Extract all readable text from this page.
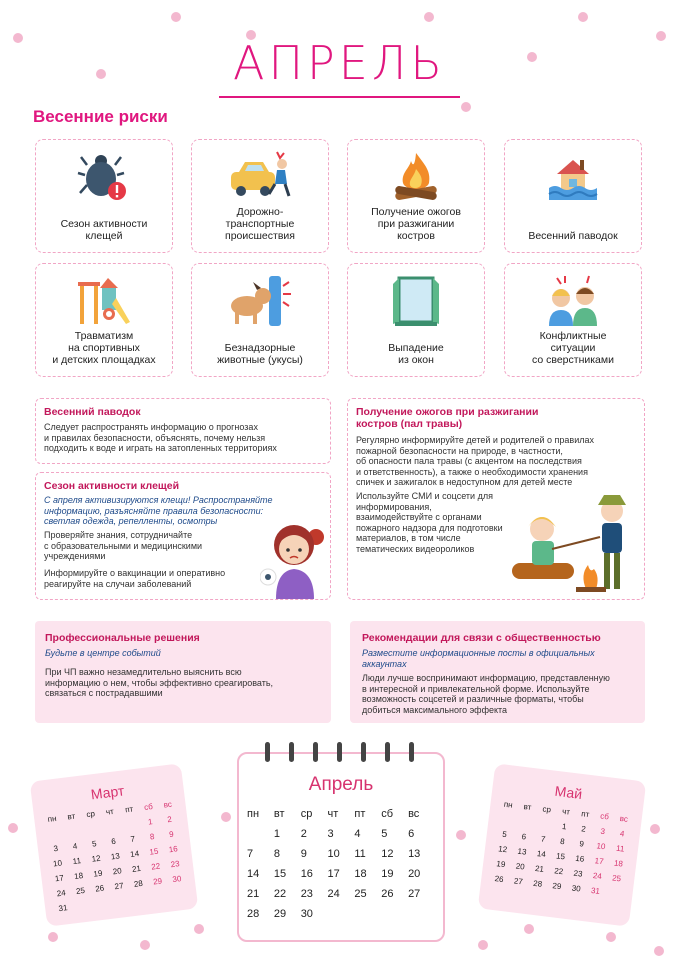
АПРЕЛЬ
Весенние риски
Сезон активности
клещей
Дорожно-
транспортные
происшествия
Получение ожогов
при разжигании
костров	Весенний паводок
Травматизм
на спортивных
и детских площадках
Безнадзорные
животные (укусы)
Выпадение
из окон
Конфликтные
ситуации
со сверстниками
Весенний паводок
Следует распространять информацию о прогнозах
и правилах безопасности, объяснять, почему нельзя
подходить к воде и играть на затопленных территориях
Сезон активности клещей
С апреля активизируются клещи! Распространяйте
информацию, разъясняйте правила безопасности:
светлая одежда, репелленты, осмотры
Проверяйте знания, сотрудничайте
с образовательными и медицинскими
учреждениями
Информируйте о вакцинации и оперативно
реагируйте на случаи заболеваний
Получение ожогов при разжигании
костров (пал травы)
Регулярно информируйте детей и родителей о правилах
пожарной безопасности на природе, в частности,
об опасности пала травы (с акцентом на последствия
и ответственность), а также о необходимости хранения
спичек и зажигалок в недоступном для детей месте
Используйте СМИ и соцсети для
информирования,
взаимодействуйте с органами
пожарного надзора для подготовки
материалов, в том числе
тематических видеороликов
Профессиональные решения
Будьте в центре событий
При ЧП важно незамедлительно выяснить всю
информацию о нем, чтобы эффективно среагировать,
связаться с пострадавшими
Рекомендации для связи с общественностью
Разместите информационные посты в официальных
аккаунтах
Люди лучше воспринимают информацию, представленную
в интересной и привлекательной форме. Используйте
возможность соцсетей и различные форматы, чтобы
добиться максимального эффекта
Март
пн	вт	ср	чт	пт	сб	вс
					1	2
3	4	5	6	7	8	9
10	11	12	13	14	15	16
17	18	19	20	21	22	23
24	25	26	27	28	29	30
31						
Апрель
пн	вт	ср	чт	пт	сб	вс
	1	2	3	4	5	6
7	8	9	10	11	12	13
14	15	16	17	18	19	20
21	22	23	24	25	26	27
28	29	30				
Май
пн	вт	ср	чт	пт	сб	вс
			1	2	3	4
5	6	7	8	9	10	11
12	13	14	15	16	17	18
19	20	21	22	23	24	25
26	27	28	29	30	31	
